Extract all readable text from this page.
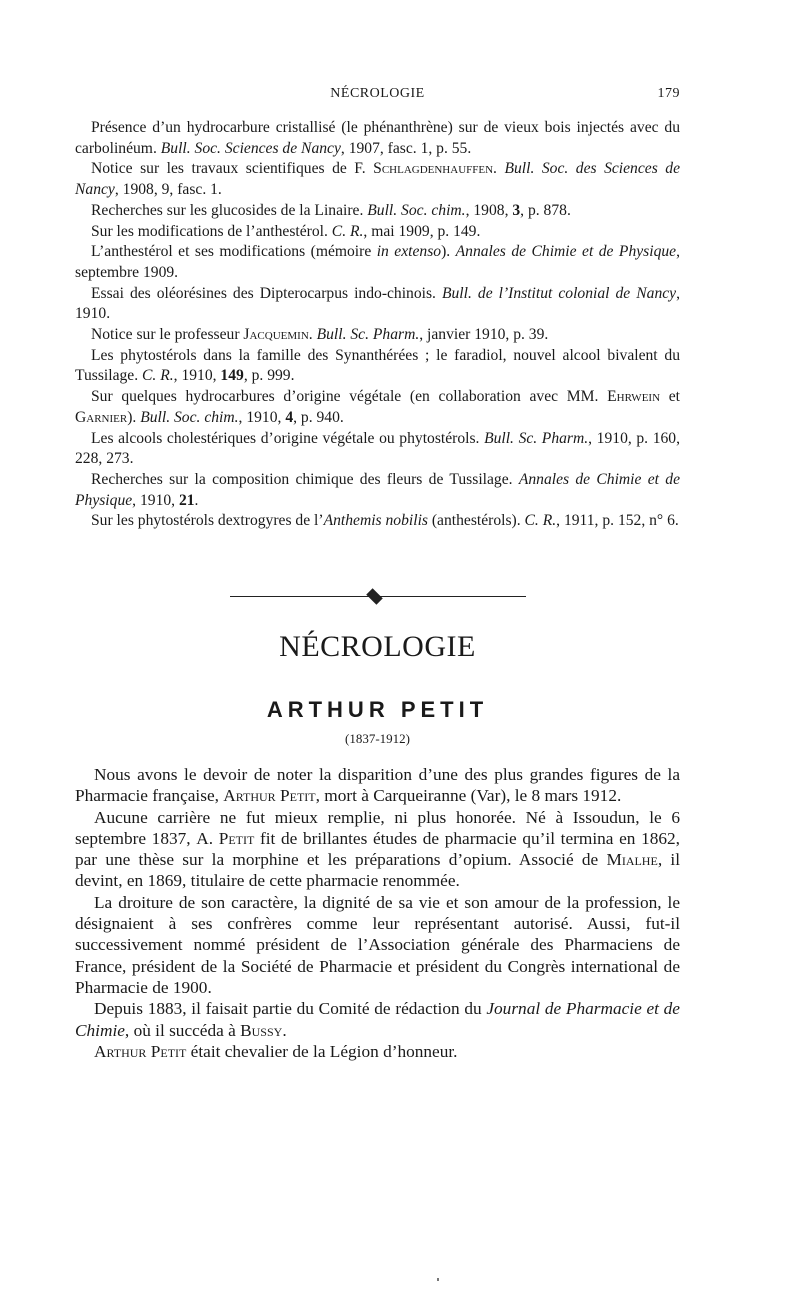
NÉCROLOGIE	179

Présence d’un hydrocarbure cristallisé (le phénanthrène) sur de vieux bois injectés avec du carbolinéum. Bull. Soc. Sciences de Nancy, 1907, fasc. 1, p. 55.

Notice sur les travaux scientifiques de F. Schlagdenhauffen. Bull. Soc. des Sciences de Nancy, 1908, 9, fasc. 1.

Recherches sur les glucosides de la Linaire. Bull. Soc. chim., 1908, 3, p. 878.

Sur les modifications de l’anthestérol. C. R., mai 1909, p. 149.

L’anthestérol et ses modifications (mémoire in extenso). Annales de Chimie et de Physique, septembre 1909.

Essai des oléorésines des Dipterocarpus indo-chinois. Bull. de l’Institut colonial de Nancy, 1910.

Notice sur le professeur Jacquemin. Bull. Sc. Pharm., janvier 1910, p. 39.

Les phytostérols dans la famille des Synanthérées ; le faradiol, nouvel alcool bivalent du Tussilage. C. R., 1910, 149, p. 999.

Sur quelques hydrocarbures d’origine végétale (en collaboration avec MM. Ehrwein et Garnier). Bull. Soc. chim., 1910, 4, p. 940.

Les alcools cholestériques d’origine végétale ou phytostérols. Bull. Sc. Pharm., 1910, p. 160, 228, 273.

Recherches sur la composition chimique des fleurs de Tussilage. Annales de Chimie et de Physique, 1910, 21.

Sur les phytostérols dextrogyres de l’Anthemis nobilis (anthestérols). C. R., 1911, p. 152, n° 6.

NÉCROLOGIE
ARTHUR PETIT
(1837-1912)

Nous avons le devoir de noter la disparition d’une des plus grandes figures de la Pharmacie française, Arthur Petit, mort à Carqueiranne (Var), le 8 mars 1912.

Aucune carrière ne fut mieux remplie, ni plus honorée. Né à Issoudun, le 6 septembre 1837, A. Petit fit de brillantes études de pharmacie qu’il termina en 1862, par une thèse sur la morphine et les préparations d’opium. Associé de Mialhe, il devint, en 1869, titulaire de cette pharmacie renommée.

La droiture de son caractère, la dignité de sa vie et son amour de la profession, le désignaient à ses confrères comme leur représentant autorisé. Aussi, fut-il successivement nommé président de l’Association générale des Pharmaciens de France, président de la Société de Pharmacie et président du Congrès international de Pharmacie de 1900.

Depuis 1883, il faisait partie du Comité de rédaction du Journal de Pharmacie et de Chimie, où il succéda à Bussy.

Arthur Petit était chevalier de la Légion d’honneur.
